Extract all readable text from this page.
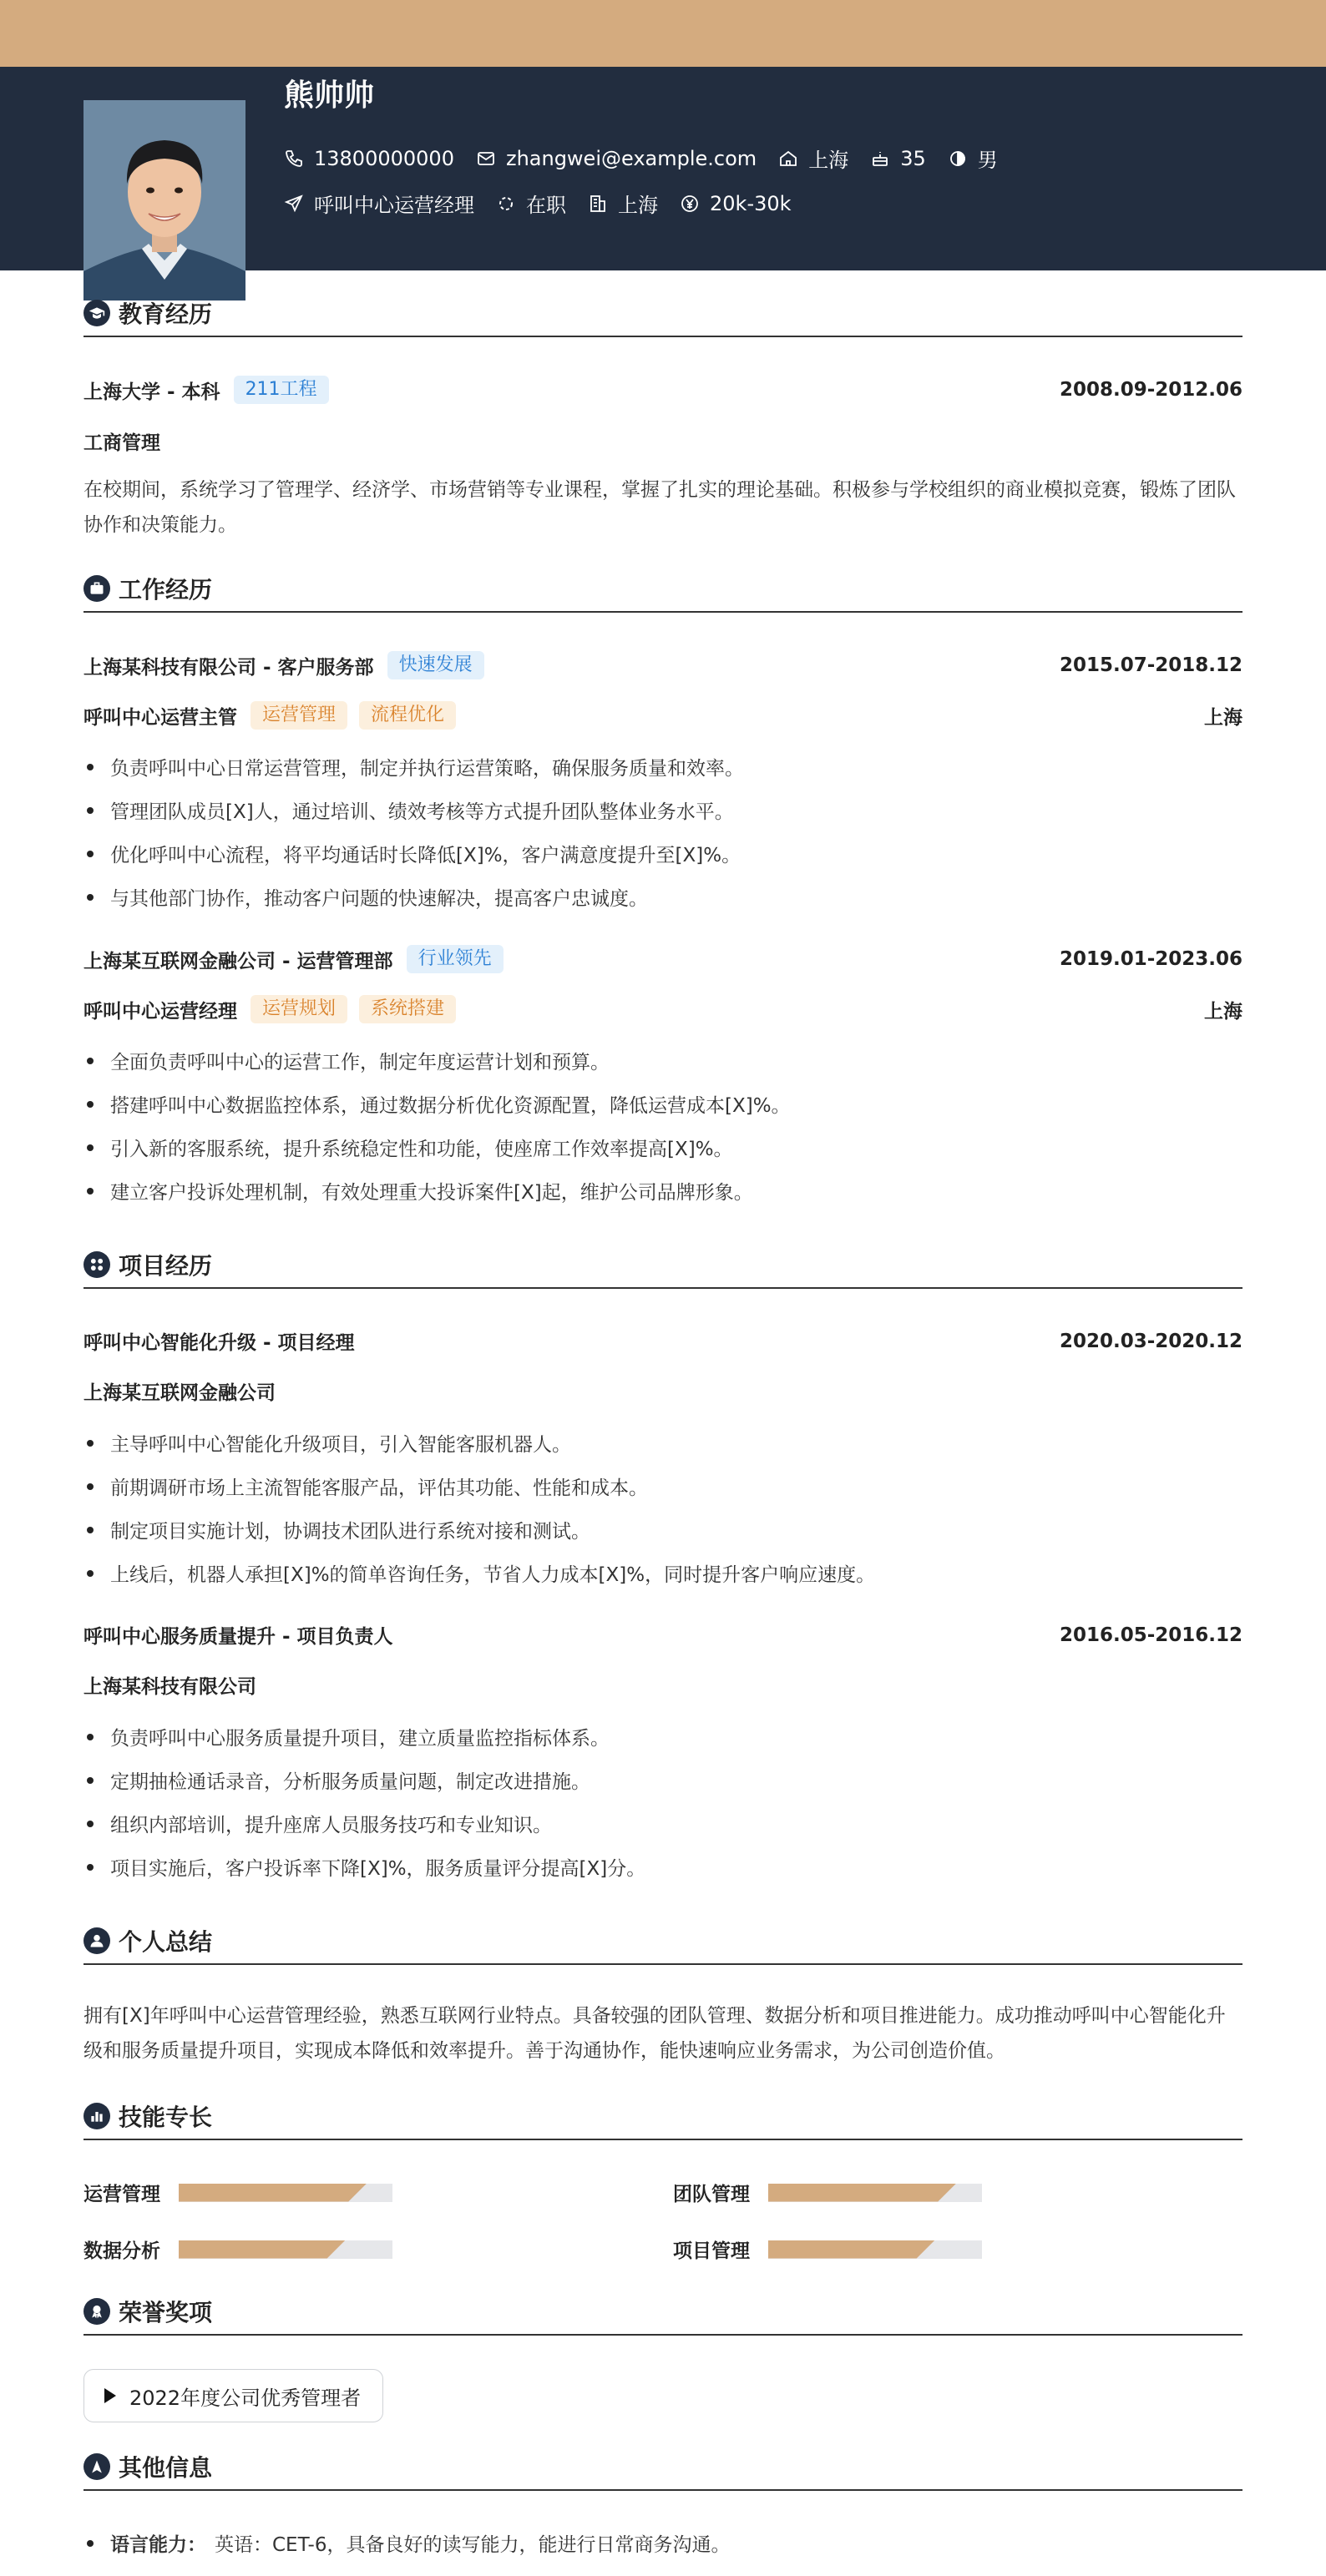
熊帅帅
13800000000	zhangwei@example.com	上海	35	男
呼叫中心运营经理	在职	上海	20k-30k
教育经历
上海大学 - 本科	211工程	2008.09-2012.06
工商管理
在校期间，系统学习了管理学、经济学、市场营销等专业课程，掌握了扎实的理论基础。积极参与学校组织的商业模拟竞赛，锻炼了团队协作和决策能力。
工作经历
上海某科技有限公司 - 客户服务部	快速发展	2015.07-2018.12
呼叫中心运营主管	运营管理	流程优化	上海
负责呼叫中心日常运营管理，制定并执行运营策略，确保服务质量和效率。
管理团队成员[X]人，通过培训、绩效考核等方式提升团队整体业务水平。
优化呼叫中心流程，将平均通话时长降低[X]%，客户满意度提升至[X]%。
与其他部门协作，推动客户问题的快速解决，提高客户忠诚度。
上海某互联网金融公司 - 运营管理部	行业领先	2019.01-2023.06
呼叫中心运营经理	运营规划	系统搭建	上海
全面负责呼叫中心的运营工作，制定年度运营计划和预算。
搭建呼叫中心数据监控体系，通过数据分析优化资源配置，降低运营成本[X]%。
引入新的客服系统，提升系统稳定性和功能，使座席工作效率提高[X]%。
建立客户投诉处理机制，有效处理重大投诉案件[X]起，维护公司品牌形象。
项目经历
呼叫中心智能化升级 - 项目经理	2020.03-2020.12
上海某互联网金融公司
主导呼叫中心智能化升级项目，引入智能客服机器人。
前期调研市场上主流智能客服产品，评估其功能、性能和成本。
制定项目实施计划，协调技术团队进行系统对接和测试。
上线后，机器人承担[X]%的简单咨询任务，节省人力成本[X]%，同时提升客户响应速度。
呼叫中心服务质量提升 - 项目负责人	2016.05-2016.12
上海某科技有限公司
负责呼叫中心服务质量提升项目，建立质量监控指标体系。
定期抽检通话录音，分析服务质量问题，制定改进措施。
组织内部培训，提升座席人员服务技巧和专业知识。
项目实施后，客户投诉率下降[X]%，服务质量评分提高[X]分。
个人总结
拥有[X]年呼叫中心运营管理经验，熟悉互联网行业特点。具备较强的团队管理、数据分析和项目推进能力。成功推动呼叫中心智能化升级和服务质量提升项目，实现成本降低和效率提升。善于沟通协作，能快速响应业务需求，为公司创造价值。
技能专长
运营管理	团队管理
数据分析	项目管理
荣誉奖项
2022年度公司优秀管理者
其他信息
语言能力： 英语：CET-6，具备良好的读写能力，能进行日常商务沟通。
